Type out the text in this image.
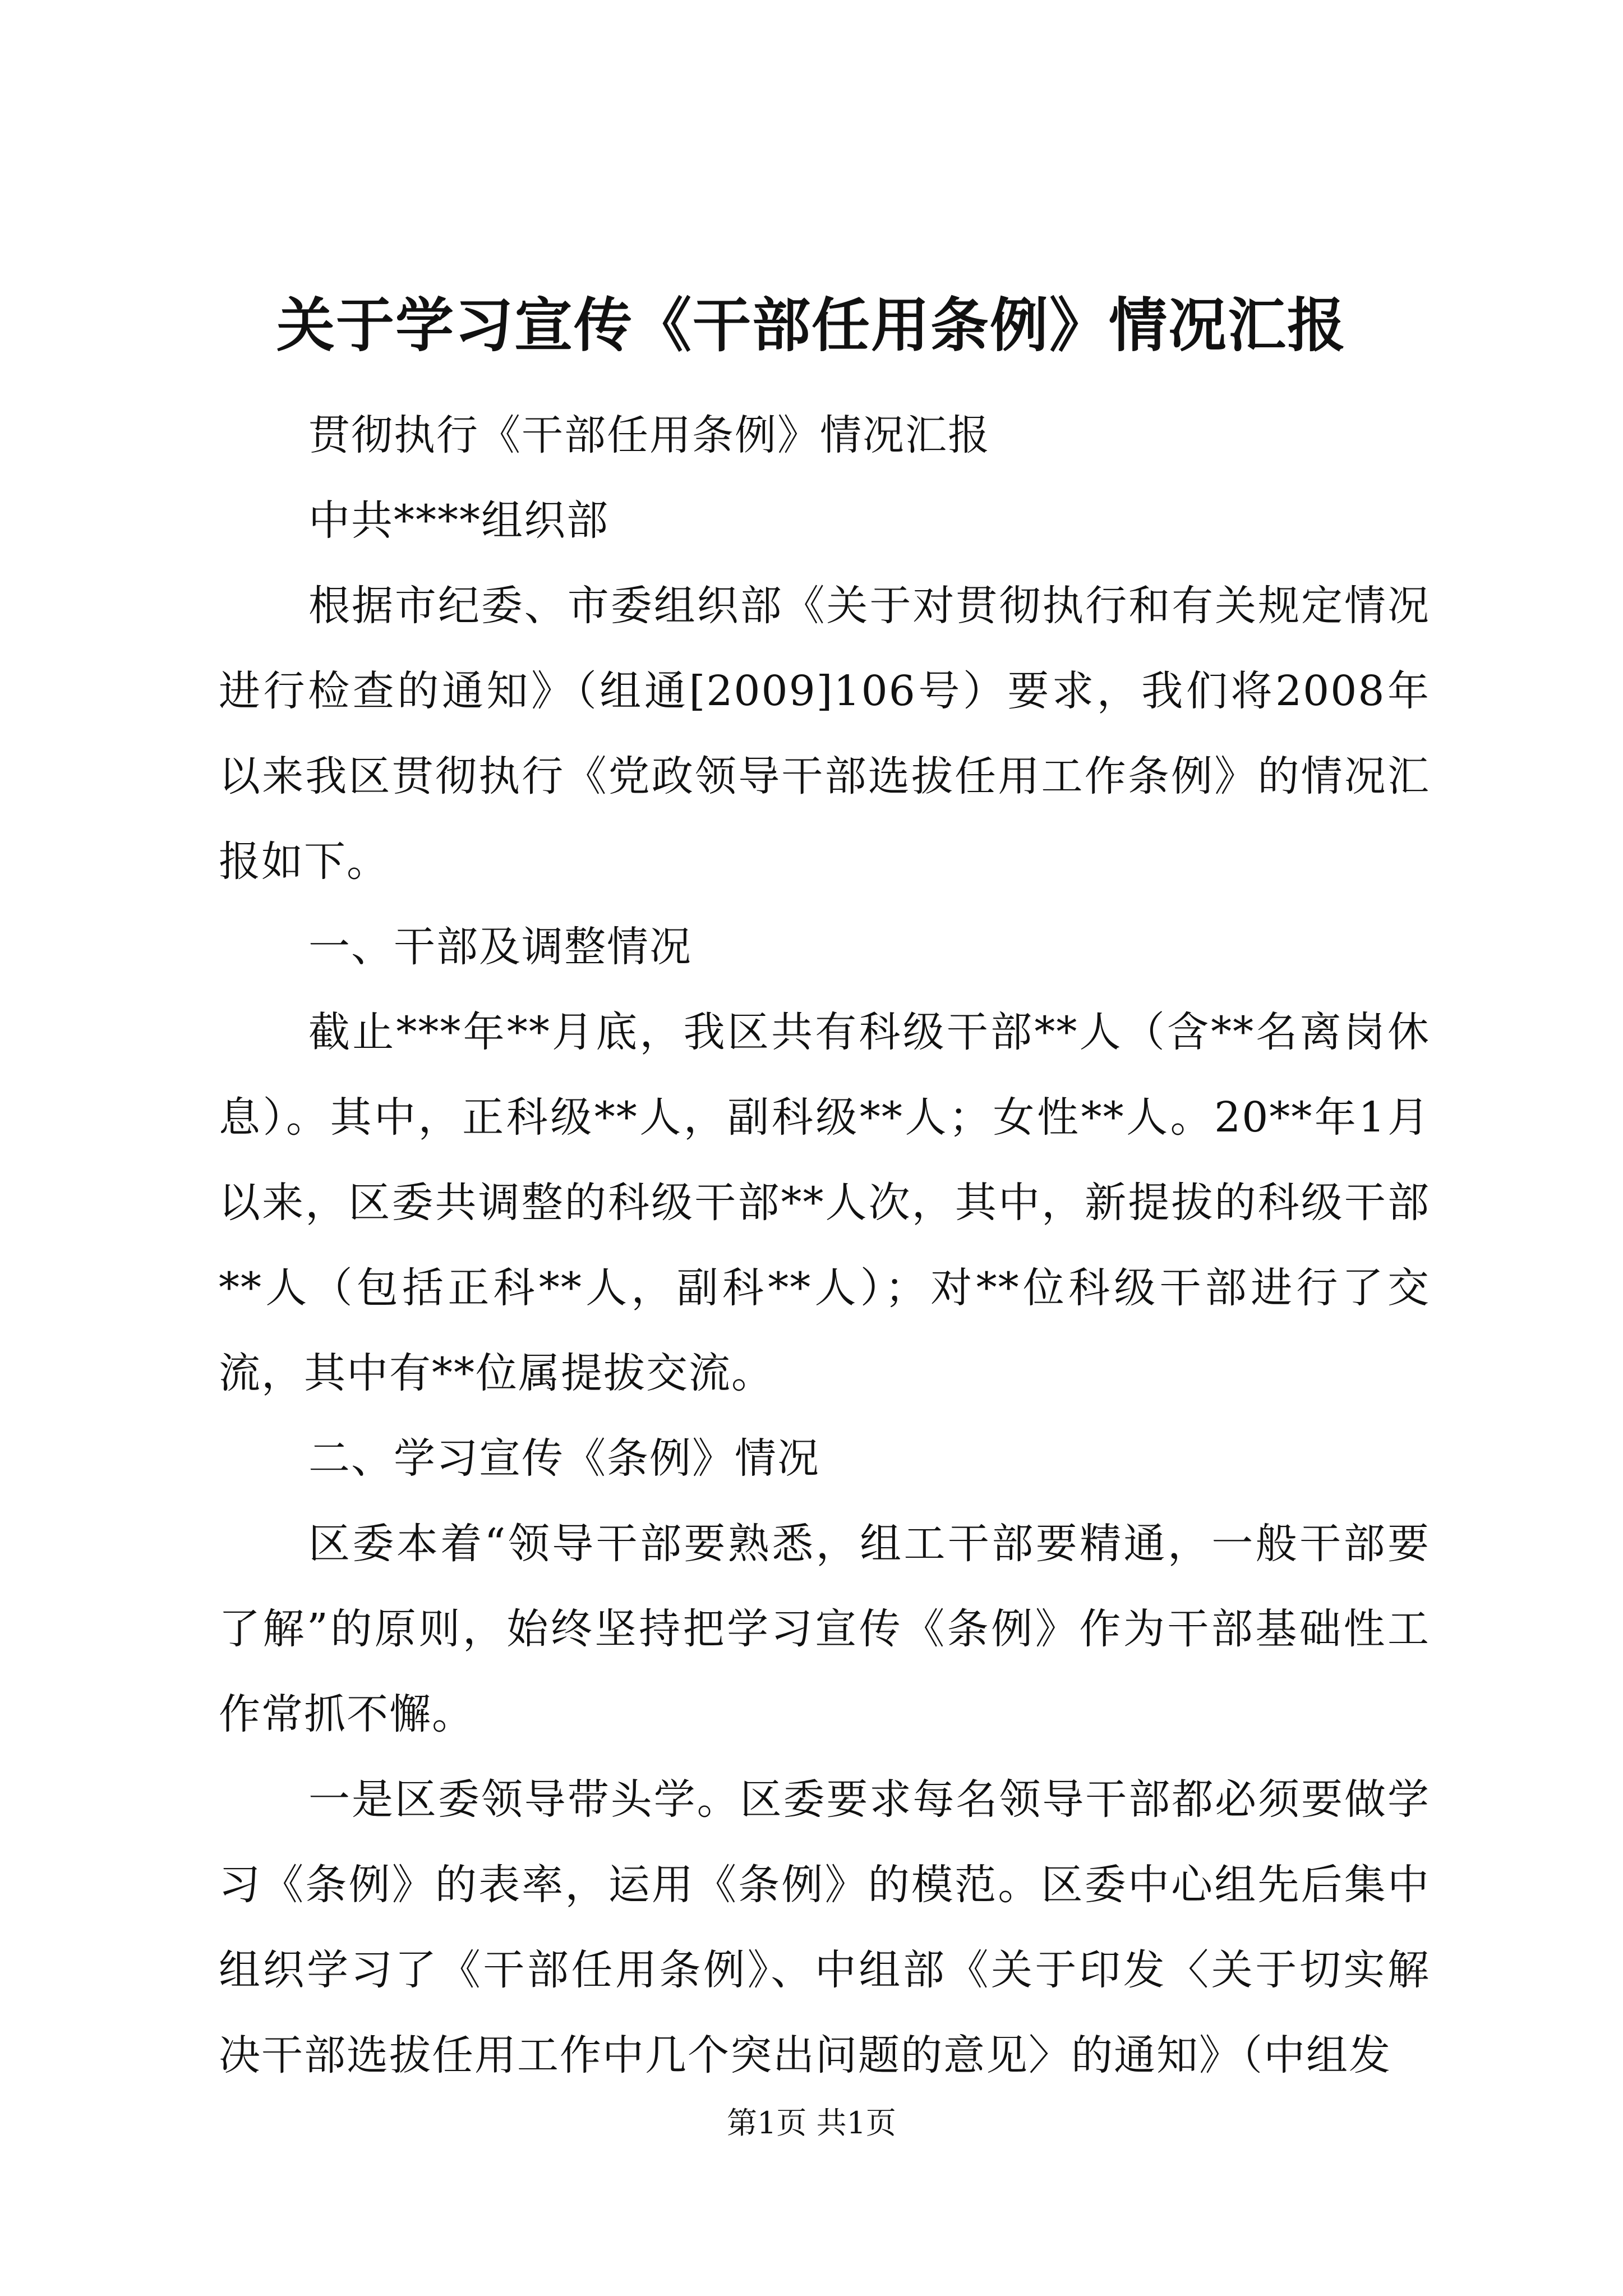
关于学习宣传《干部任用条例》情况汇报

贯彻执行《干部任用条例》情况汇报

中共****组织部

根据市纪委、市委组织部《关于对贯彻执行和有关规定情况进行检查的通知》（组通[2009]106号）要求，我们将2008年以来我区贯彻执行《党政领导干部选拔任用工作条例》的情况汇报如下。

一、干部及调整情况

截止***年**月底，我区共有科级干部**人（含**名离岗休息）。其中，正科级**人，副科级**人；女性**人。20**年1月以来，区委共调整的科级干部**人次，其中，新提拔的科级干部**人（包括正科**人，副科**人）；对**位科级干部进行了交流，其中有**位属提拔交流。

二、学习宣传《条例》情况

区委本着“领导干部要熟悉，组工干部要精通，一般干部要了解”的原则，始终坚持把学习宣传《条例》作为干部基础性工作常抓不懈。

一是区委领导带头学。区委要求每名领导干部都必须要做学习《条例》的表率，运用《条例》的模范。区委中心组先后集中组织学习了《干部任用条例》、中组部《关于印发〈关于切实解决干部选拔任用工作中几个突出问题的意见〉的通知》（中组发

第1页 共1页
